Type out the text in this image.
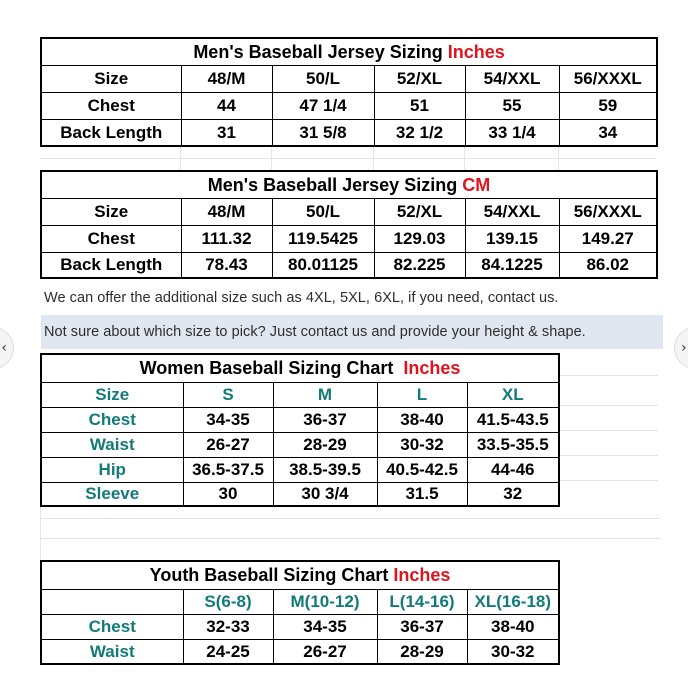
Men's Baseball Jersey Sizing Inches					
Size	48/M	50/L	52/XL	54/XXL	56/XXXL
Chest	44	47 1/4	51	55	59
Back Length	31	31 5/8	32 1/2	33 1/4	34
Men's Baseball Jersey Sizing CM					
Size	48/M	50/L	52/XL	54/XXL	56/XXXL
Chest	111.32	119.5425	129.03	139.15	149.27
Back Length	78.43	80.01125	82.225	84.1225	86.02
We can offer the additional size such as 4XL, 5XL, 6XL, if you need, contact us.
Not sure about which size to pick? Just contact us and provide your height & shape.
Women Baseball Sizing Chart Inches				
Size	S	M	L	XL
Chest	34-35	36-37	38-40	41.5-43.5
Waist	26-27	28-29	30-32	33.5-35.5
Hip	36.5-37.5	38.5-39.5	40.5-42.5	44-46
Sleeve	30	30 3/4	31.5	32
Youth Baseball Sizing Chart Inches				
	S(6-8)	M(10-12)	L(14-16)	XL(16-18)
Chest	32-33	34-35	36-37	38-40
Waist	24-25	26-27	28-29	30-32
‹	›
